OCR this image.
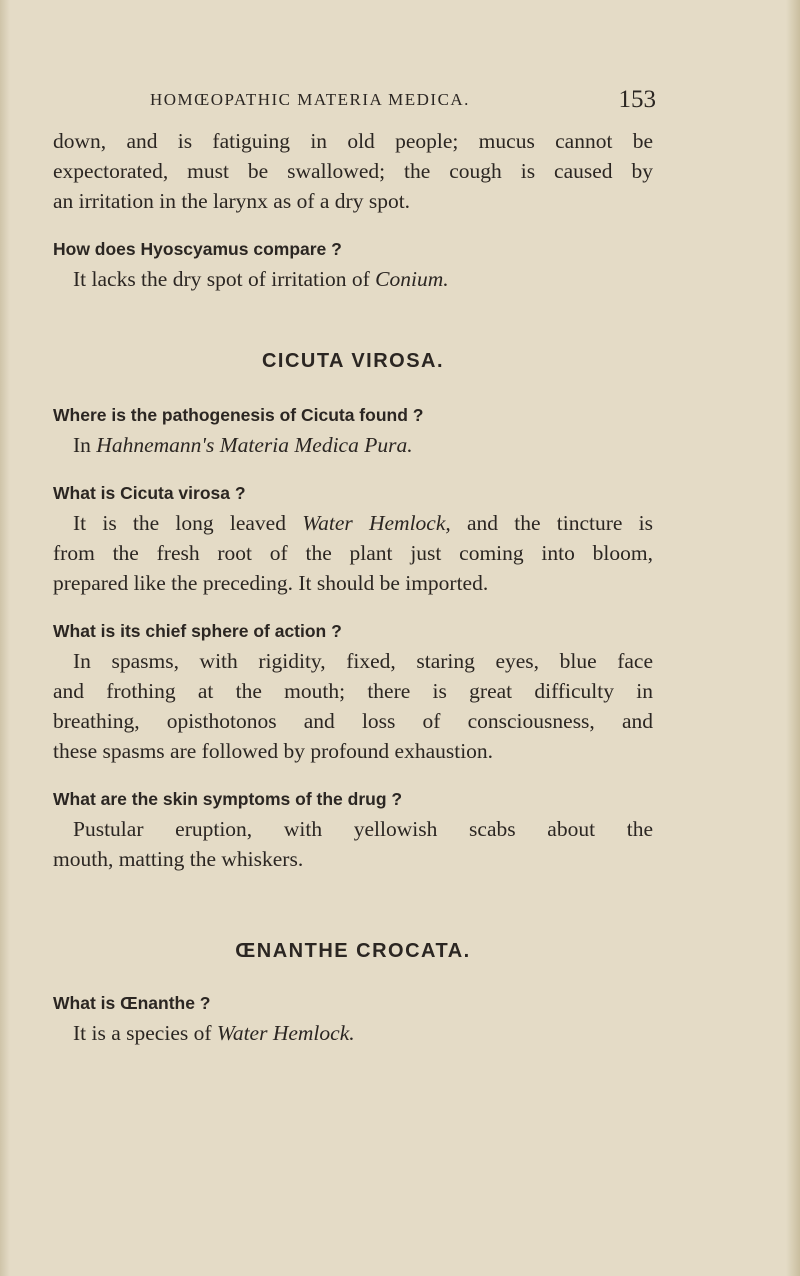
HOMŒOPATHIC MATERIA MEDICA.	153

down, and is fatiguing in old people; mucus cannot be

expectorated, must be swallowed; the cough is caused by

an irritation in the larynx as of a dry spot.

How does Hyoscyamus compare ?

It lacks the dry spot of irritation of Conium.

CICUTA VIROSA.

Where is the pathogenesis of Cicuta found ?

In Hahnemann's Materia Medica Pura.

What is Cicuta virosa ?

It is the long leaved Water Hemlock, and the tincture is

from the fresh root of the plant just coming into bloom,

prepared like the preceding. It should be imported.

What is its chief sphere of action ?

In spasms, with rigidity, fixed, staring eyes, blue face

and frothing at the mouth; there is great difficulty in

breathing, opisthotonos and loss of consciousness, and

these spasms are followed by profound exhaustion.

What are the skin symptoms of the drug ?

Pustular eruption, with yellowish scabs about the

mouth, matting the whiskers.

ŒNANTHE CROCATA.

What is Œnanthe ?

It is a species of Water Hemlock.
